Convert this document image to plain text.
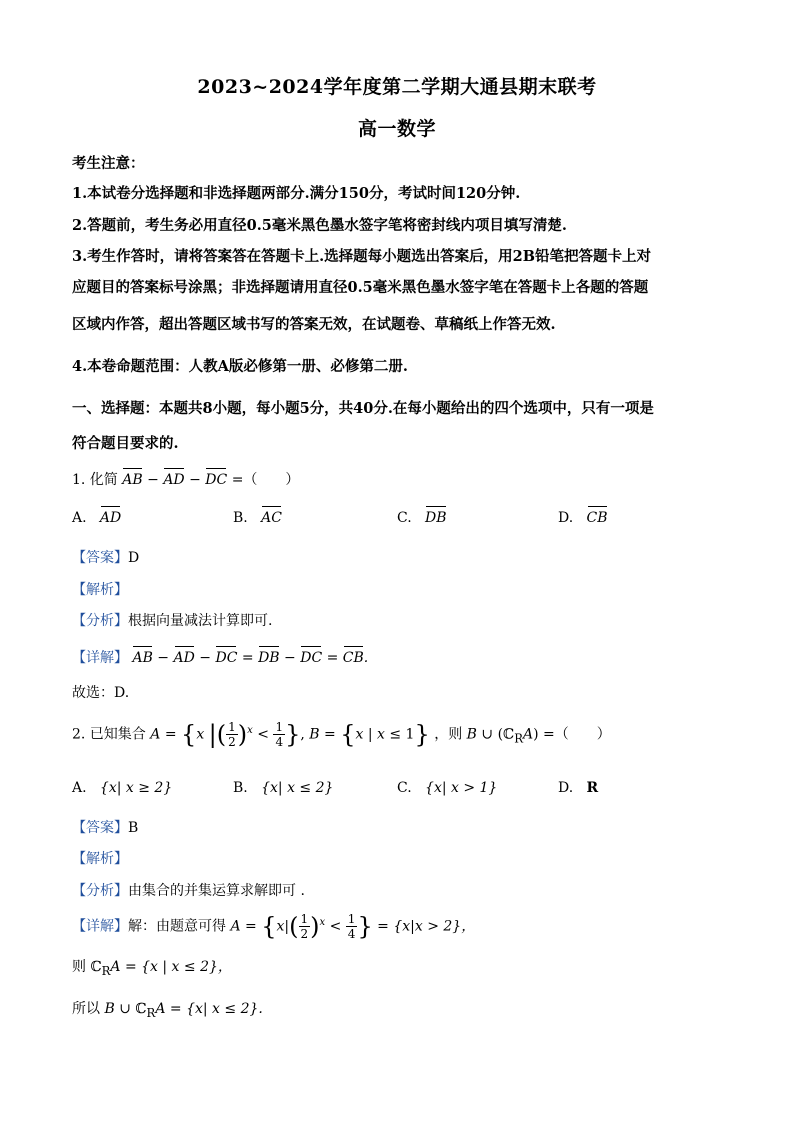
2023~2024学年度第二学期大通县期末联考
高一数学
考生注意：
1.本试卷分选择题和非选择题两部分.满分150分，考试时间120分钟.
2.答题前，考生务必用直径0.5毫米黑色墨水签字笔将密封线内项目填写清楚.
3.考生作答时，请将答案答在答题卡上.选择题每小题选出答案后，用2B铅笔把答题卡上对
应题目的答案标号涂黑；非选择题请用直径0.5毫米黑色墨水签字笔在答题卡上各题的答题
区域内作答，超出答题区域书写的答案无效，在试题卷、草稿纸上作答无效.
4.本卷命题范围：人教A版必修第一册、必修第二册.
一、选择题：本题共8小题，每小题5分，共40分.在每小题给出的四个选项中，只有一项是
符合题目要求的.
1. 化简 AB − AD − DC =（　　）
A. AD	B. AC	C. DB	D. CB
【答案】D
【解析】
【分析】根据向量减法计算即可.
【详解】 AB − AD − DC = DB − DC = CB.
故选：D.
2. 已知集合 A = {x |( $\frac{1}{2} )^x < \frac{1}{4}$ }, B = {x | x ≤ 1} ，则 B ∪ (ℂ$_R$A) =（　　）
A. {x| x ≥ 2}	B. {x| x ≤ 2}	C. {x| x > 1}	D. R
【答案】B
【解析】
【分析】由集合的并集运算求解即可 .
【详解】解：由题意可得 $A = \{x|( \frac{1}{2} )^x < \frac{1}{4}$ } = {x|x > 2}，
则 ℂ$_R$A = {x | x ≤ 2}，
所以 B ∪ ℂ$_R$A = {x| x ≤ 2}.
